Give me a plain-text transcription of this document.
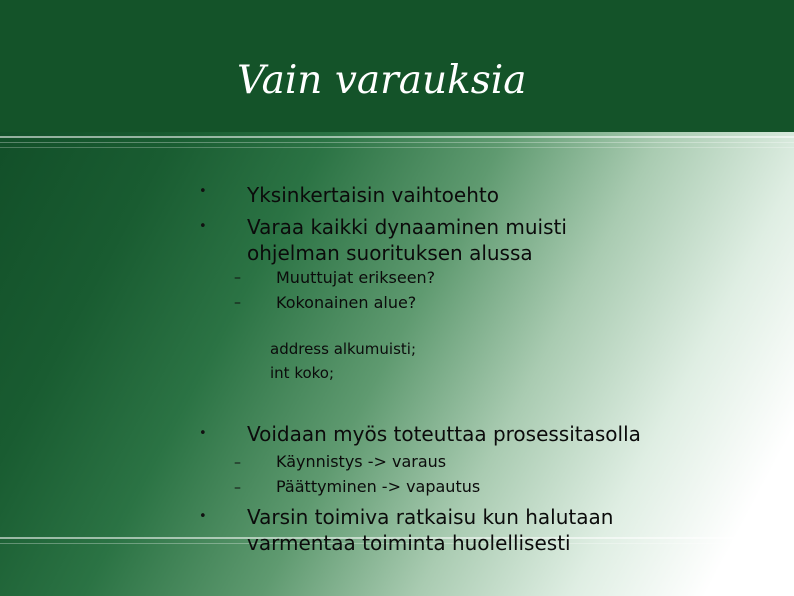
Vain varauksia
• Yksinkertaisin vaihtoehto
• Varaa kaikki dynaaminen muisti
ohjelman suorituksen alussa
– Muuttujat erikseen?
– Kokonainen alue?
address alkumuisti;
int koko;
• Voidaan myös toteuttaa prosessitasolla
– Käynnistys -> varaus
– Päättyminen -> vapautus
• Varsin toimiva ratkaisu kun halutaan
varmentaa toiminta huolellisesti
